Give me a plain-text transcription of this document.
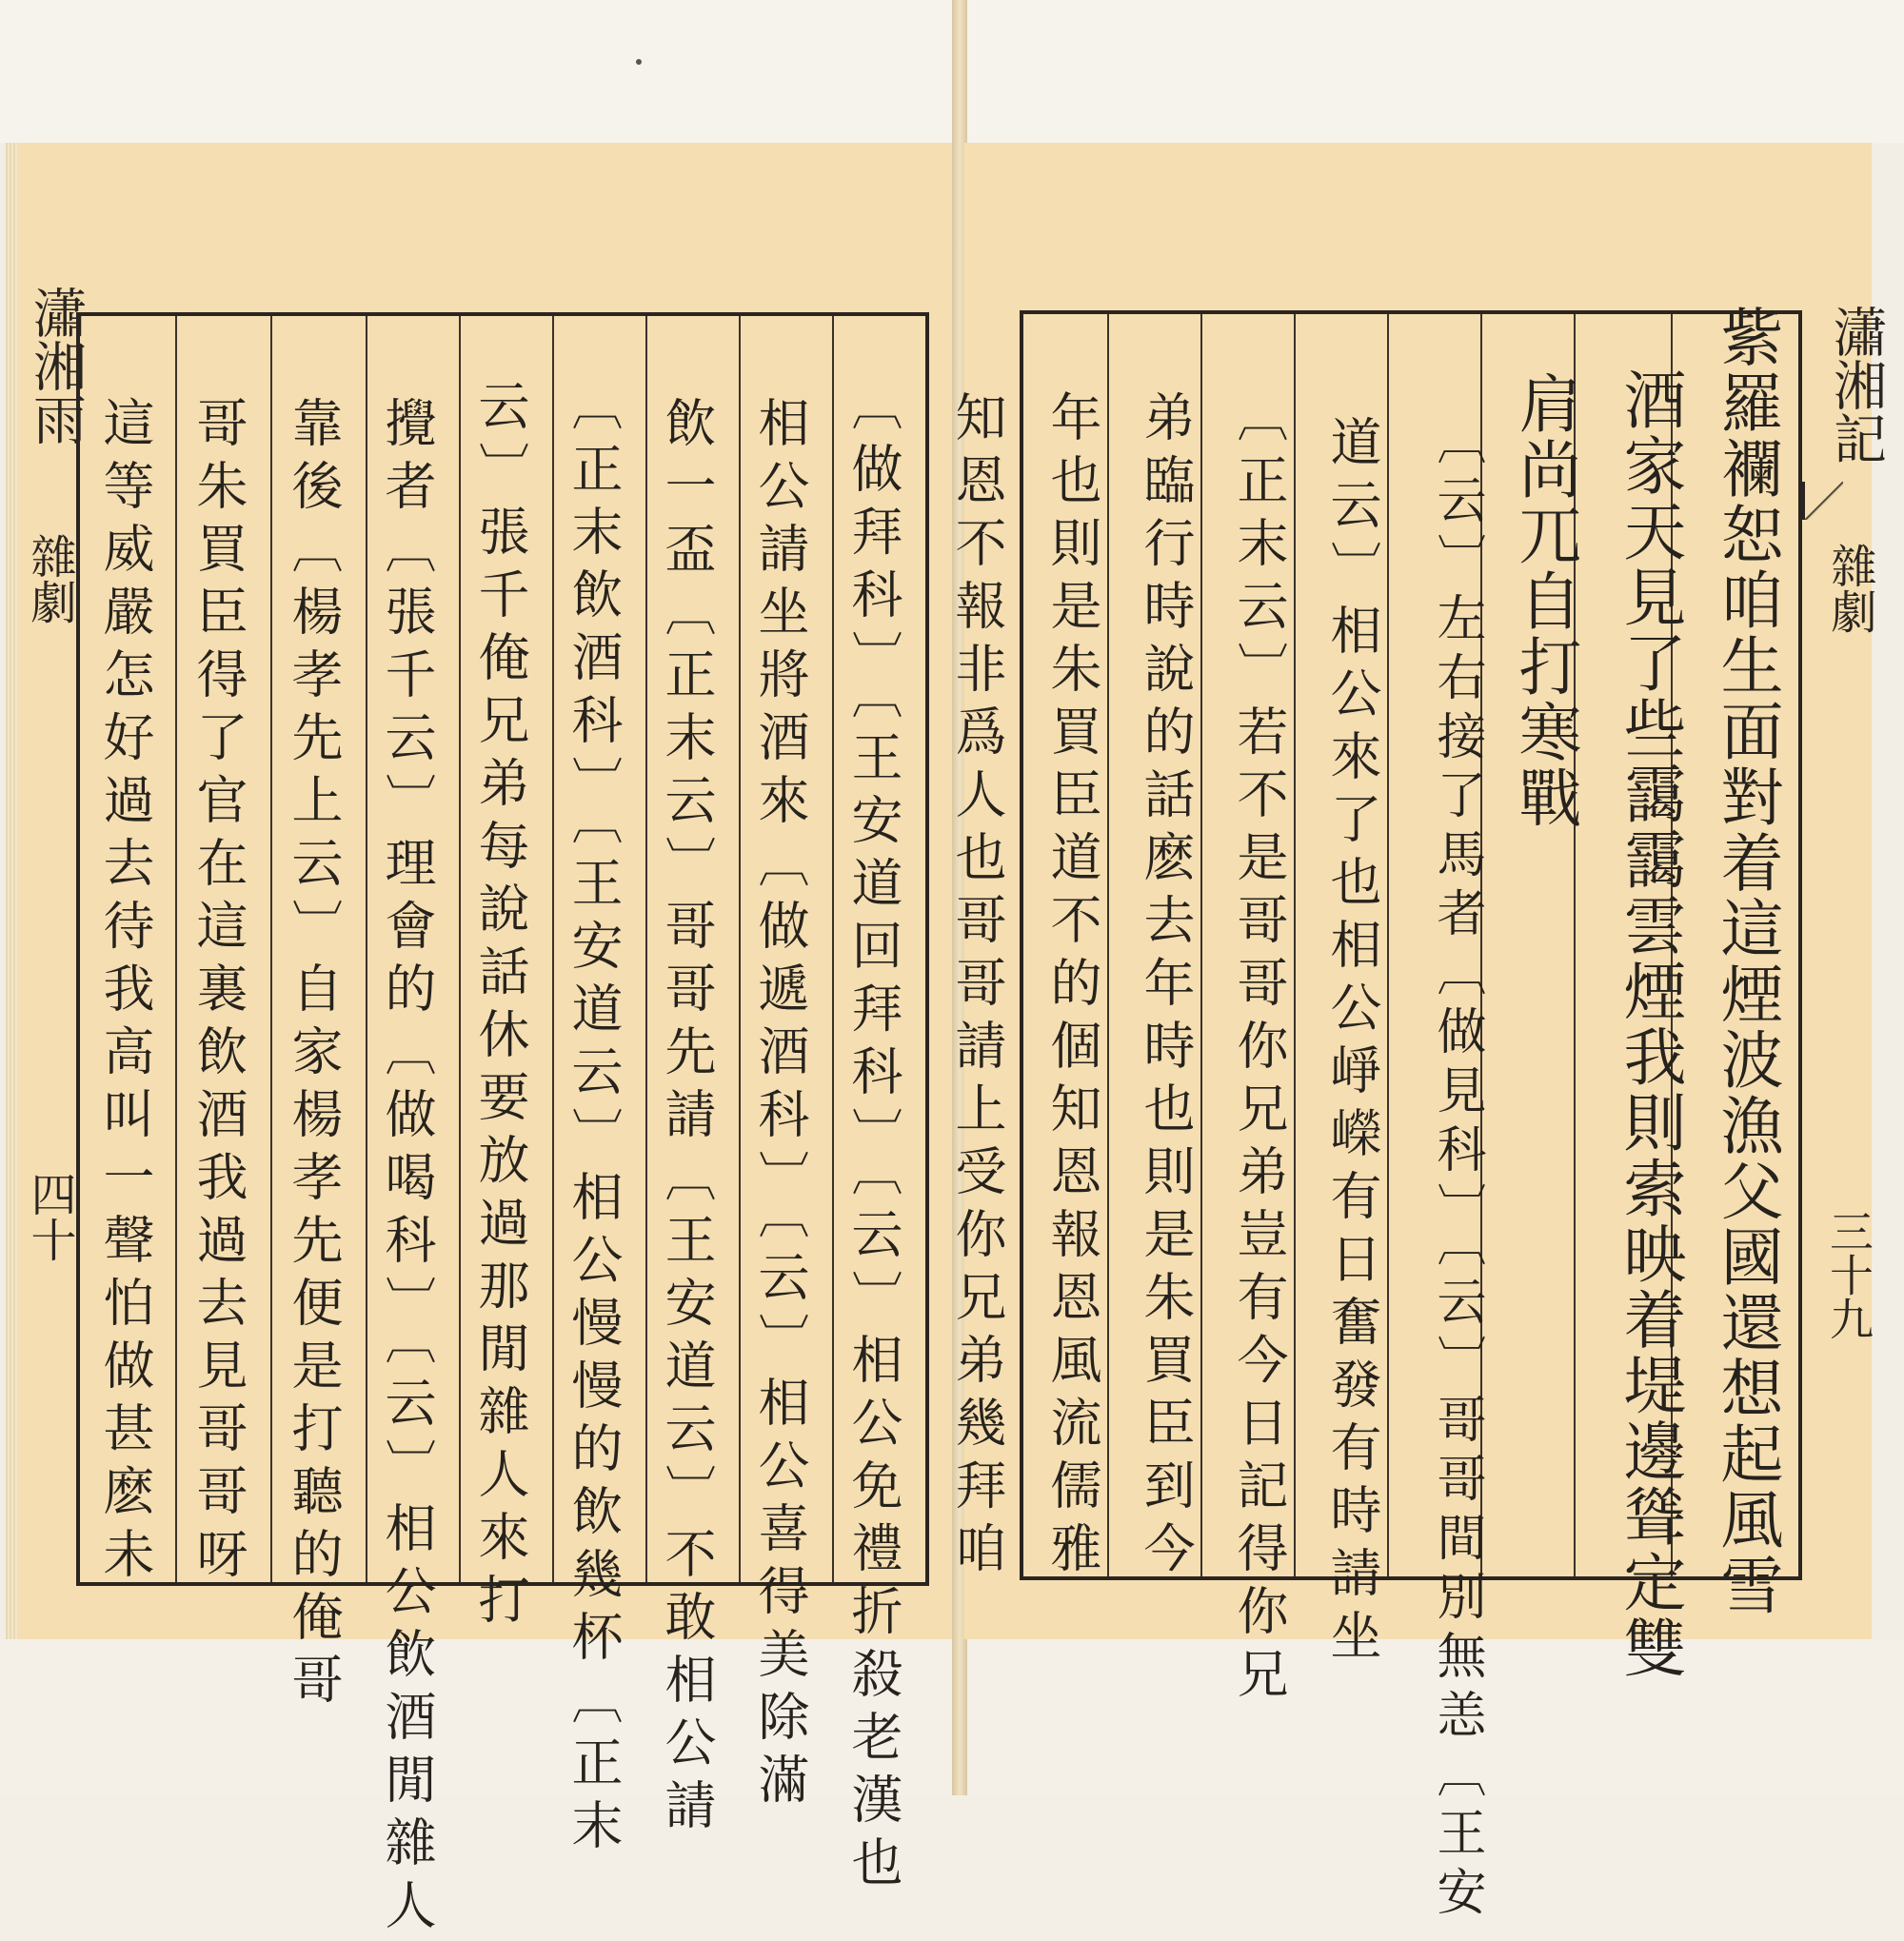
瀟湘雨
雜劇
四十	〔做拜科〕〔王安道回拜科〕〔云〕相公免禮折殺老漢也
相公請坐將酒來〔做遞酒科〕〔云〕相公喜得美除滿
飲一盃〔正末云〕哥哥先請〔王安道云〕不敢相公請
〔正末飲酒科〕〔王安道云〕相公慢慢的飲幾杯〔正末
云〕張千俺兄弟每說話休要放過那閒雜人來打
攪者〔張千云〕理會的〔做喝科〕〔云〕相公飲酒閒雜人
靠後〔楊孝先上云〕自家楊孝先便是打聽的俺哥
哥朱買臣得了官在這裏飲酒我過去見哥哥呀
這等威嚴怎好過去待我高叫一聲怕做甚麽未
瀟湘記
雜劇
三十九
紫羅襴恕咱生面對着這煙波漁父國還想起風雪
酒家天見了些靄靄雲煙我則索映着堤邊聳定雙
肩尚兀自打寒戰
〔云〕左右接了馬者〔做見科〕〔云〕哥哥間別無恙〔王安
道云〕相公來了也相公崢嶸有日奮發有時請坐
〔正末云〕若不是哥哥你兄弟豈有今日記得你兄
弟臨行時說的話麽去年時也則是朱買臣到今
年也則是朱買臣道不的個知恩報恩風流儒雅
知恩不報非爲人也哥哥請上受你兄弟幾拜咱
